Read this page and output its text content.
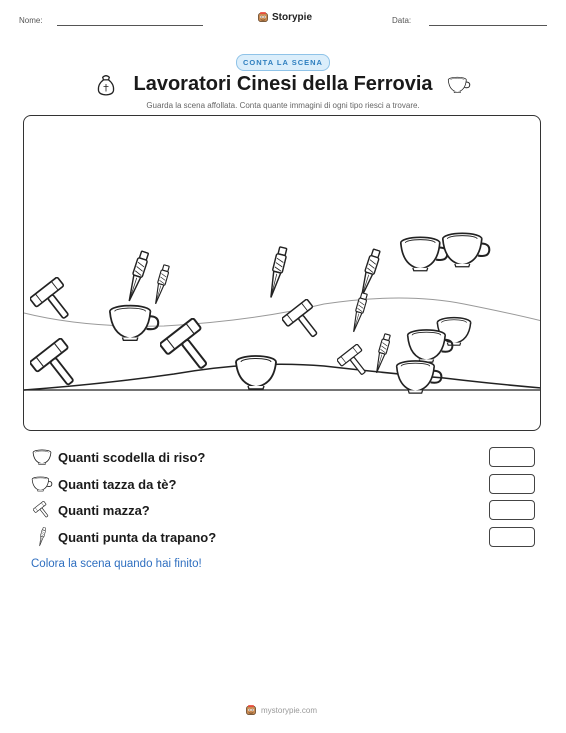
Nome:	Storypie	Data:
CONTA LA SCENA
Lavoratori Cinesi della Ferrovia
Guarda la scena affollata. Conta quante immagini di ogni tipo riesci a trovare.
Quanti scodella di riso?
Quanti tazza da tè?
Quanti mazza?
Quanti punta da trapano?
Colora la scena quando hai finito!
mystorypie.com
